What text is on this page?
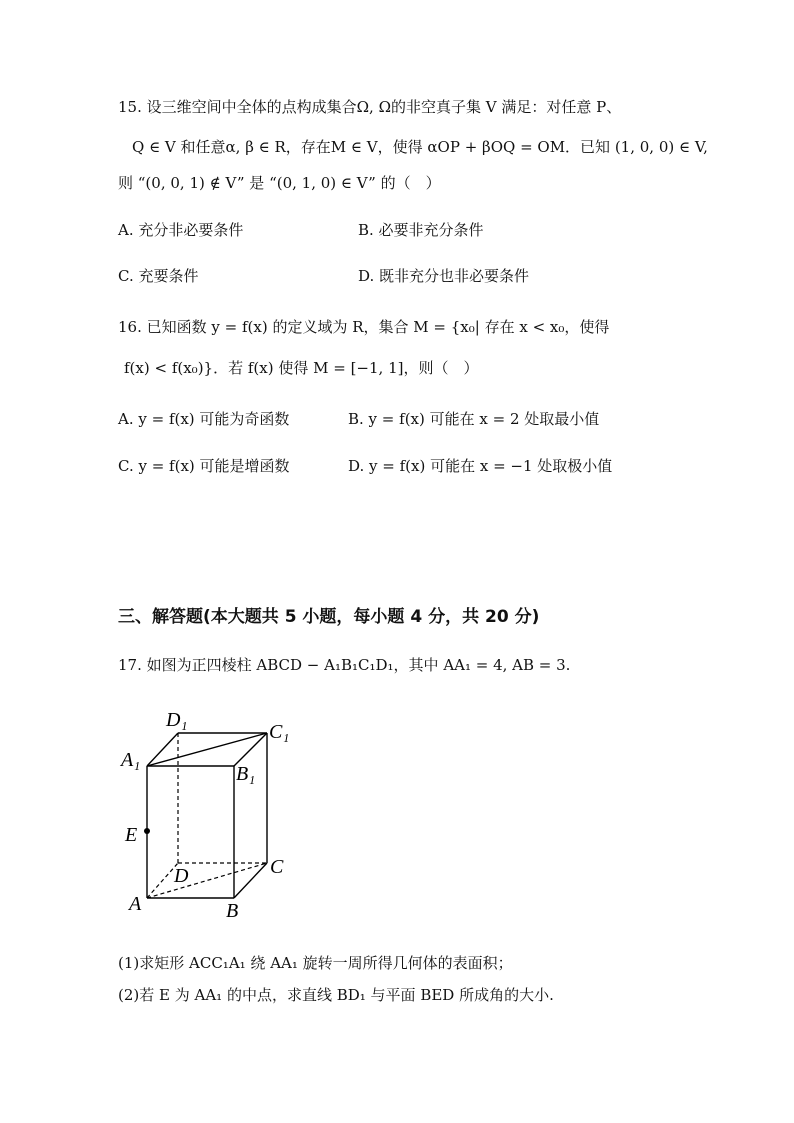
15. 设三维空间中全体的点构成集合Ω, Ω的非空真子集 V 满足：对任意 P、
Q ∈ V 和任意α, β ∈ R，存在M ∈ V，使得 αOP + βOQ = OM．已知 (1, 0, 0) ∈ V,
则 “(0, 0, 1) ∉ V” 是 “(0, 1, 0) ∈ V” 的（　）
A. 充分非必要条件	B. 必要非充分条件
C. 充要条件	D. 既非充分也非必要条件
16. 已知函数 y = f(x) 的定义域为 R，集合 M = {x₀| 存在 x < x₀，使得
f(x) < f(x₀)}．若 f(x) 使得 M = [−1, 1]，则（　）
A. y = f(x) 可能为奇函数	B. y = f(x) 可能在 x = 2 处取最小值
C. y = f(x) 可能是增函数	D. y = f(x) 可能在 x = −1 处取极小值
三、解答题(本大题共 5 小题，每小题 4 分，共 20 分)
17. 如图为正四棱柱 ABCD − A₁B₁C₁D₁，其中 AA₁ = 4, AB = 3.
D₁
C₁
A₁
B₁
E
D	C
A	B
(1)求矩形 ACC₁A₁ 绕 AA₁ 旋转一周所得几何体的表面积；
(2)若 E 为 AA₁ 的中点，求直线 BD₁ 与平面 BED 所成角的大小.
